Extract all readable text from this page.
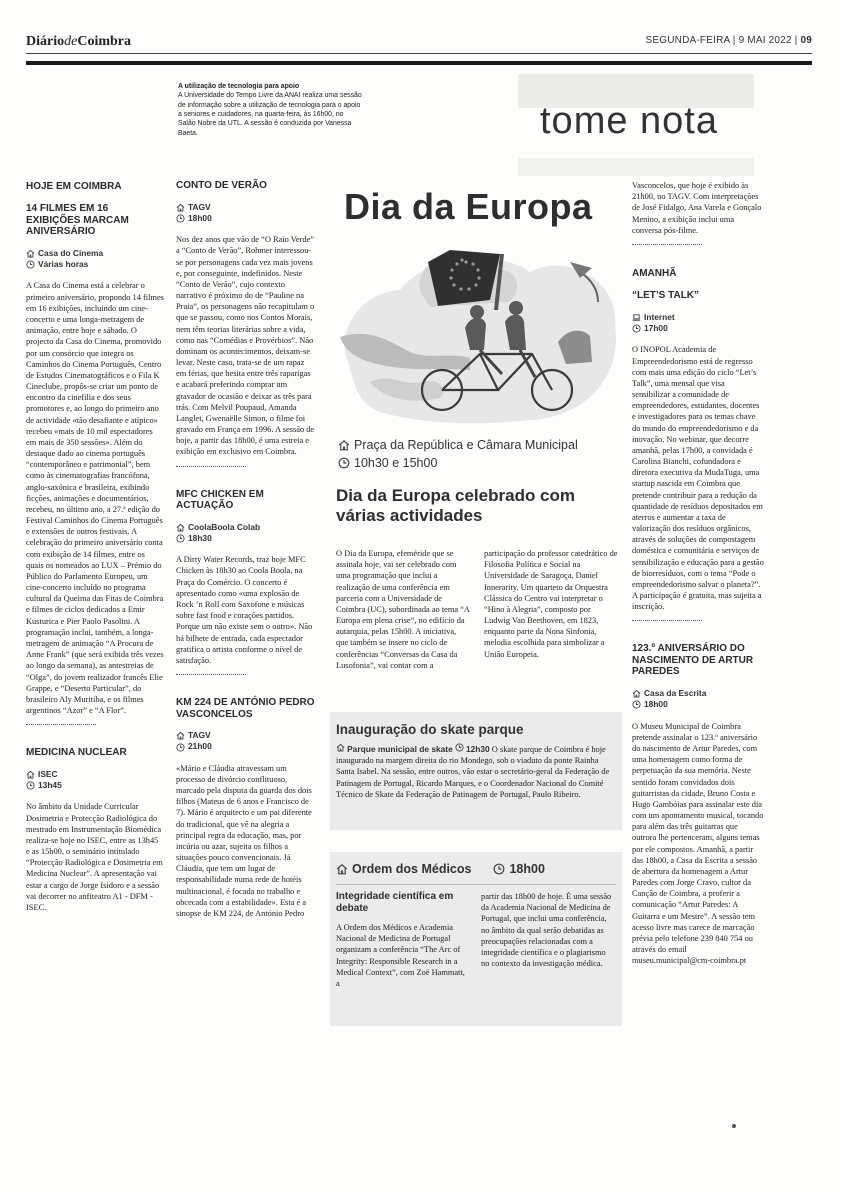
DiáriodeCoimbra	SEGUNDA-FEIRA | 9 MAI 2022 | 09
A utilização de tecnologia para apoio
A Universidade do Tempo Livre da ANAI realiza uma sessão de informação sobre a utilização de tecnologia para o apoio a seniores e cuidadores, na quarta-feira, às 16h00, no Salão Nobre da UTL. A sessão é conduzida por Vanessa Baeta.	tome nota
HOJE EM COIMBRA
14 FILMES EM 16 EXIBIÇÕES MARCAM ANIVERSÁRIO
Casa do Cinema
Várias horas

A Casa do Cinema está a celebrar o primeiro aniversário, propondo 14 filmes em 16 exibições, incluindo um cine-concerto e uma longa-metragem de animação, entre hoje e sábado. O projecto da Casa do Cinema, promovido por um consórcio que integra os Caminhos do Cinema Português, Centro de Estudos Cinematográficos e o Fila K Cineclube, propôs-se criar um ponto de encontro da cinefilia e dos seus promotores e, ao longo do primeiro ano de actividade «tão desafiante e atípico» recebeu «mais de 10 mil espectadores em mais de 350 sessões». Além do destaque dado ao cinema português “contemporâneo e patrimonial”, bem como às cinematografias francófona, anglo-saxónica e brasileira, exibindo ficções, animações e documentários, recebeu, no último ano, a 27.ª edição do Festival Caminhos do Cinema Português e extensões de outros festivais. A celebração do primeiro aniversário conta com exibição de 14 filmes, entre os quais os nomeados ao LUX – Prémio do Público do Parlamento Europeu, um cine-concerto incluído no programa cultural da Queima das Fitas de Coimbra e filmes de ciclos dedicados a Emir Kusturica e Pier Paolo Pasolini. A programação inclui, também, a longa-metragem de animação “A Procura de Anne Frank” (que será exibida três vezes ao longo da semana), as antestreias de “Olga”, do jovem realizador francês Elie Grappe, e “Deserto Particular”, do brasileiro Aly Muritiba, e os filmes argentinos “Azor” e “A Flor”.

MEDICINA NUCLEAR
ISEC
13h45

No âmbito da Unidade Curricular Dosimetria e Protecção Radiológica do mestrado em Instrumentação Biomédica realiza-se hoje no ISEC, entre as 13h45 e as 15h00, o seminário intitulado “Protecção Radiológica e Dosimetria em Medicina Nuclear”. A apresentação vai estar a cargo de Jorge Isidoro e a sessão vai decorrer no anfiteatro A1 - DFM - ISEC.

CONTO DE VERÃO
TAGV
18h00

Nos dez anos que vão de “O Raio Verde” a “Conto de Verão”, Rohmer interessou-se por personagens cada vez mais jovens e, por conseguinte, indefinidos. Neste “Conto de Verão”, cujo contexto narrativo é próximo do de “Pauline na Praia”, os personagens não recapitulam o que se passou, como nos Contos Morais, nem têm teorias literárias sobre a vida, como nas “Comédias e Provérbios”. Não dominam os acontecimentos, deixam-se levar. Neste caso, trata-se de um rapaz em férias, que hesita entre três raparigas e acabará preferindo comprar um gravador de ocasião e deixar as três para trás. Com Melvil Poupaud, Amanda Langlet, Gwenaëlle Simon, o filme foi gravado em França em 1996. A sessão de hoje, a partir das 18h00, é uma estreia e exibição em exclusivo em Coimbra.

MFC CHICKEN EM ACTUAÇÃO
CoolaBoola Colab
18h30

A Dirty Water Records, traz hoje MFC Chicken às 18h30 ao Coola Boola, na Praça do Comércio. O concerto é apresentado como «uma explosão de Rock ’n Roll com Saxofone e músicas sobre fast food e corações partidos. Porque um não existe sem o outro». Não há bilhete de entrada, cada espectador gratifica o artista conforme o nível de satisfação.

KM 224 DE ANTÓNIO PEDRO VASCONCELOS
TAGV
21h00

«Mário e Cláudia atravessam um processo de divórcio conflituoso, marcado pela disputa da guarda dos dois filhos (Mateus de 6 anos e Francisco de 7). Mário é arquitecto e um pai diferente do tradicional, que vê na alegria a principal regra da educação, mas, por incúria ou azar, sujeita os filhos a situações pouco convencionais. Já Cláudia, que tem um lugar de responsabilidade numa rede de hotéis multinacional, é focada no trabalho e obcecada com a estabilidade». Esta é a sinopse de KM 224, de António Pedro

Dia da Europa
Praça da República e Câmara Municipal
10h30 e 15h00
Dia da Europa celebrado com várias actividades

O Dia da Europa, efeméride que se assinala hoje, vai ser celebrado com uma programação que inclui a realização de uma conferência em parceria com a Universidade de Coimbra (UC), subordinada ao tema “A Europa em plena crise”, no edifício da autarquia, pelas 15h00. A iniciativa, que também se insere no ciclo de conferências “Conversas da Casa da Lusofonia”, vai contar com a participação do professor catedrático de Filosofia Política e Social na Universidade de Saragoça, Daniel Innerarity. Um quarteto da Orquestra Clássica do Centro vai interpretar o “Hino à Alegria”, composto por Ludwig Van Beethoven, em 1823, enquanto parte da Nona Sinfonia, melodia escolhida para simbolizar a União Europeia.

Inauguração do skate parque
Parque municipal de skate 12h30 O skate parque de Coimbra é hoje inaugurado na margem direita do rio Mondego, sob o viaduto da ponte Rainha Santa Isabel. Na sessão, entre outros, vão estar o secretário-geral da Federação de Patinagem de Portugal, Ricardo Marques, e o Coordenador Nacional do Comité Técnico de Skate da Federação de Patinagem de Portugal, Paulo Ribeiro.
Ordem dos Médicos	18h00
Integridade científica em debate
A Ordem dos Médicos e Academia Nacional de Medicina de Portugal organizam a conferência “The Arc of Integrity: Responsible Research in a Medical Context”, com Zoë Hammatt, a
partir das 18h00 de hoje. É uma sessão da Academia Nacional de Medicina de Portugal, que inclui uma conferência, no âmbito da qual serão debatidas as preocupações relacionadas com a integridade científica e o plagiarismo no contexto da investigação médica.

Vasconcelos, que hoje é exibido às 21h00, no TAGV. Com interpretações de José Fidalgo, Ana Varela e Gonçalo Menino, a exibição inclui uma conversa pós-filme.

AMANHÃ
“LET’S TALK”
Internet
17h00

O INOPOL Academia de Empreendedorismo está de regresso com mais uma edição do ciclo “Let’s Talk”, uma mensal que visa sensibilizar a comunidade de empreendedores, estudantes, docentes e investigadores para os temas chave do mundo do empreendedorismo e da inovação. No webinar, que decorre amanhã, pelas 17h00, a convidada é Carolina Bianchi, cofundadora e diretora executiva da MudaTuga, uma startup nascida em Coimbra que pretende contribuir para a redução da quantidade de resíduos depositados em aterros e aumentar a taxa de valorização dos resíduos orgânicos, através de soluções de compostagem doméstica e comunitária e serviços de sensibilização e educação para a gestão de biorresíduos, com o tema “Pode o empreendedorismo salvar o planeta?”. A participação é gratuita, mas sujeita a inscrição.

123.º ANIVERSÁRIO DO NASCIMENTO DE ARTUR PAREDES
Casa da Escrita
18h00

O Museu Municipal de Coimbra pretende assinalar o 123.º aniversário do nascimento de Artur Paredes, com uma homenagem como forma de perpetuação da sua memória. Neste sentido foram convidados dois guitarristas da cidade, Bruno Costa e Hugo Gambóias para assinalar este dia com um apontamento musical, tocando para além das três guitarras que outrora lhe pertenceram, alguns temas por ele compostos. Amanhã, a partir das 18h00, a Casa da Escrita a sessão de abertura da homenagem a Artur Paredes com Jorge Cravo, cultor da Canção de Coimbra, a proferir a comunicação “Artur Paredes: A Guitarra e um Mestre”. A sessão tem acesso livre mas carece de marcação prévia pelo telefone 239 840 754 ou através do email museu.municipal@cm-coimbra.pt
